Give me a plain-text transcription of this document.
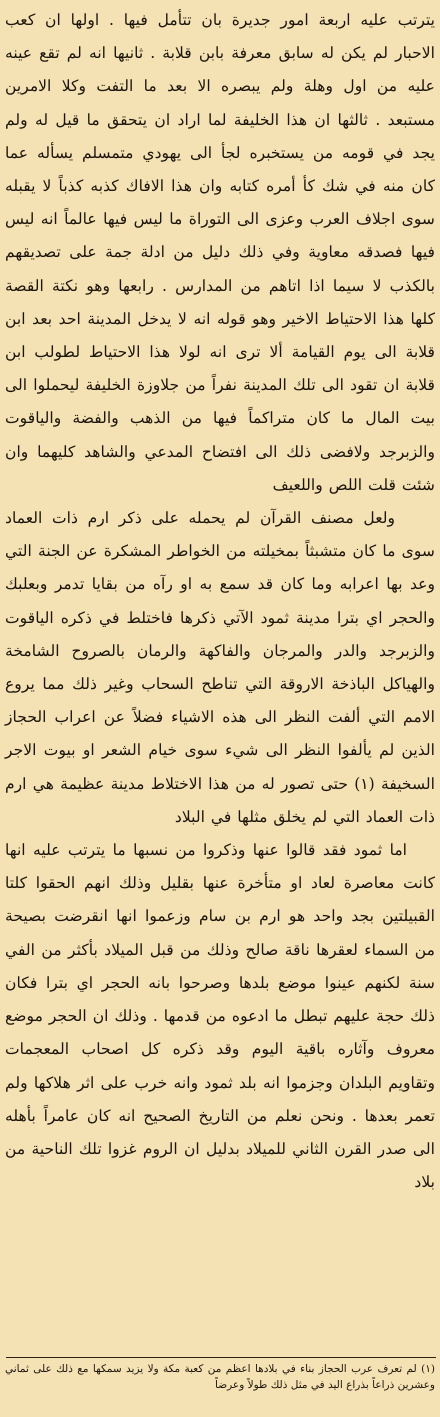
يترتب عليه اربعة امور جديرة بان تتأمل فيها . اولها ان كعب الاحبار لم يكن له سابق معرفة بابن قلابة . ثانيها انه لم تقع عينه عليه من اول وهلة ولم يبصره الا بعد ما التفت وكلا الامرين مستبعد . ثالثها ان هذا الخليفة لما اراد ان يتحقق ما قيل له ولم يجد في قومه من يستخبره لجأ الى يهودي متمسلم يسأله عما كان منه في شك كأ أمره كتابه وان هذا الافاك كذبه كذباً لا يقبله سوى اجلاف العرب وعزى الى التوراة ما ليس فيها عالماً انه ليس فيها فصدقه معاوية وفي ذلك دليل من ادلة جمة على تصديقهم بالكذب لا سيما اذا اتاهم من المدارس . رابعها وهو نكتة القصة كلها هذا الاحتياط الاخير وهو قوله انه لا يدخل المدينة احد بعد ابن قلابة الى يوم القيامة ألا ترى انه لولا هذا الاحتياط لطولب ابن قلابة ان تقود الى تلك المدينة نفراً من جلاوزة الخليفة ليحملوا الى بيت المال ما كان متراكماً فيها من الذهب والفضة والياقوت والزبرجد ولافضى ذلك الى افتضاح المدعي والشاهد كليهما وان شئت قلت اللص واللعيف

ولعل مصنف القرآن لم يحمله على ذكر ارم ذات العماد سوى ما كان متشبثاً بمخيلته من الخواطر المشكرة عن الجنة التي وعد بها اعرابه وما كان قد سمع به او رآه من بقايا تدمر وبعلبك والحجر اي بترا مدينة ثمود الآتي ذكرها فاختلط في ذكره الياقوت والزبرجد والدر والمرجان والفاكهة والرمان بالصروح الشامخة والهياكل الباذخة الاروقة التي تناطح السحاب وغير ذلك مما يروع الامم التي ألفت النظر الى هذه الاشياء فضلاً عن اعراب الحجاز الذين لم يألفوا النظر الى شيء سوى خيام الشعر او بيوت الاجر السخيفة (١) حتى تصور له من هذا الاختلاط مدينة عظيمة هي ارم ذات العماد التي لم يخلق مثلها في البلاد

اما ثمود فقد قالوا عنها وذكروا من نسبها ما يترتب عليه انها كانت معاصرة لعاد او متأخرة عنها بقليل وذلك انهم الحقوا كلتا القبيلتين بجد واحد هو ارم بن سام وزعموا انها انقرضت بصيحة من السماء لعقرها ناقة صالح وذلك من قبل الميلاد بأكثر من الفي سنة لكنهم عينوا موضع بلدها وصرحوا بانه الحجر اي بترا فكان ذلك حجة عليهم تبطل ما ادعوه من قدمها . وذلك ان الحجر موضع معروف وآثاره باقية اليوم وقد ذكره كل اصحاب المعجمات وتقاويم البلدان وجزموا انه بلد ثمود وانه خرب على اثر هلاكها ولم تعمر بعدها . ونحن نعلم من التاريخ الصحيح انه كان عامراً بأهله الى صدر القرن الثاني للميلاد بدليل ان الروم غزوا تلك الناحية من بلاد

(١) لم تعرف عرب الحجاز بناء في بلادها اعظم من كعبة مكة ولا يزيد سمكها مع ذلك على ثماني وعشرين ذراعاً بذراع اليد في مثل ذلك طولاً وعرضاً
